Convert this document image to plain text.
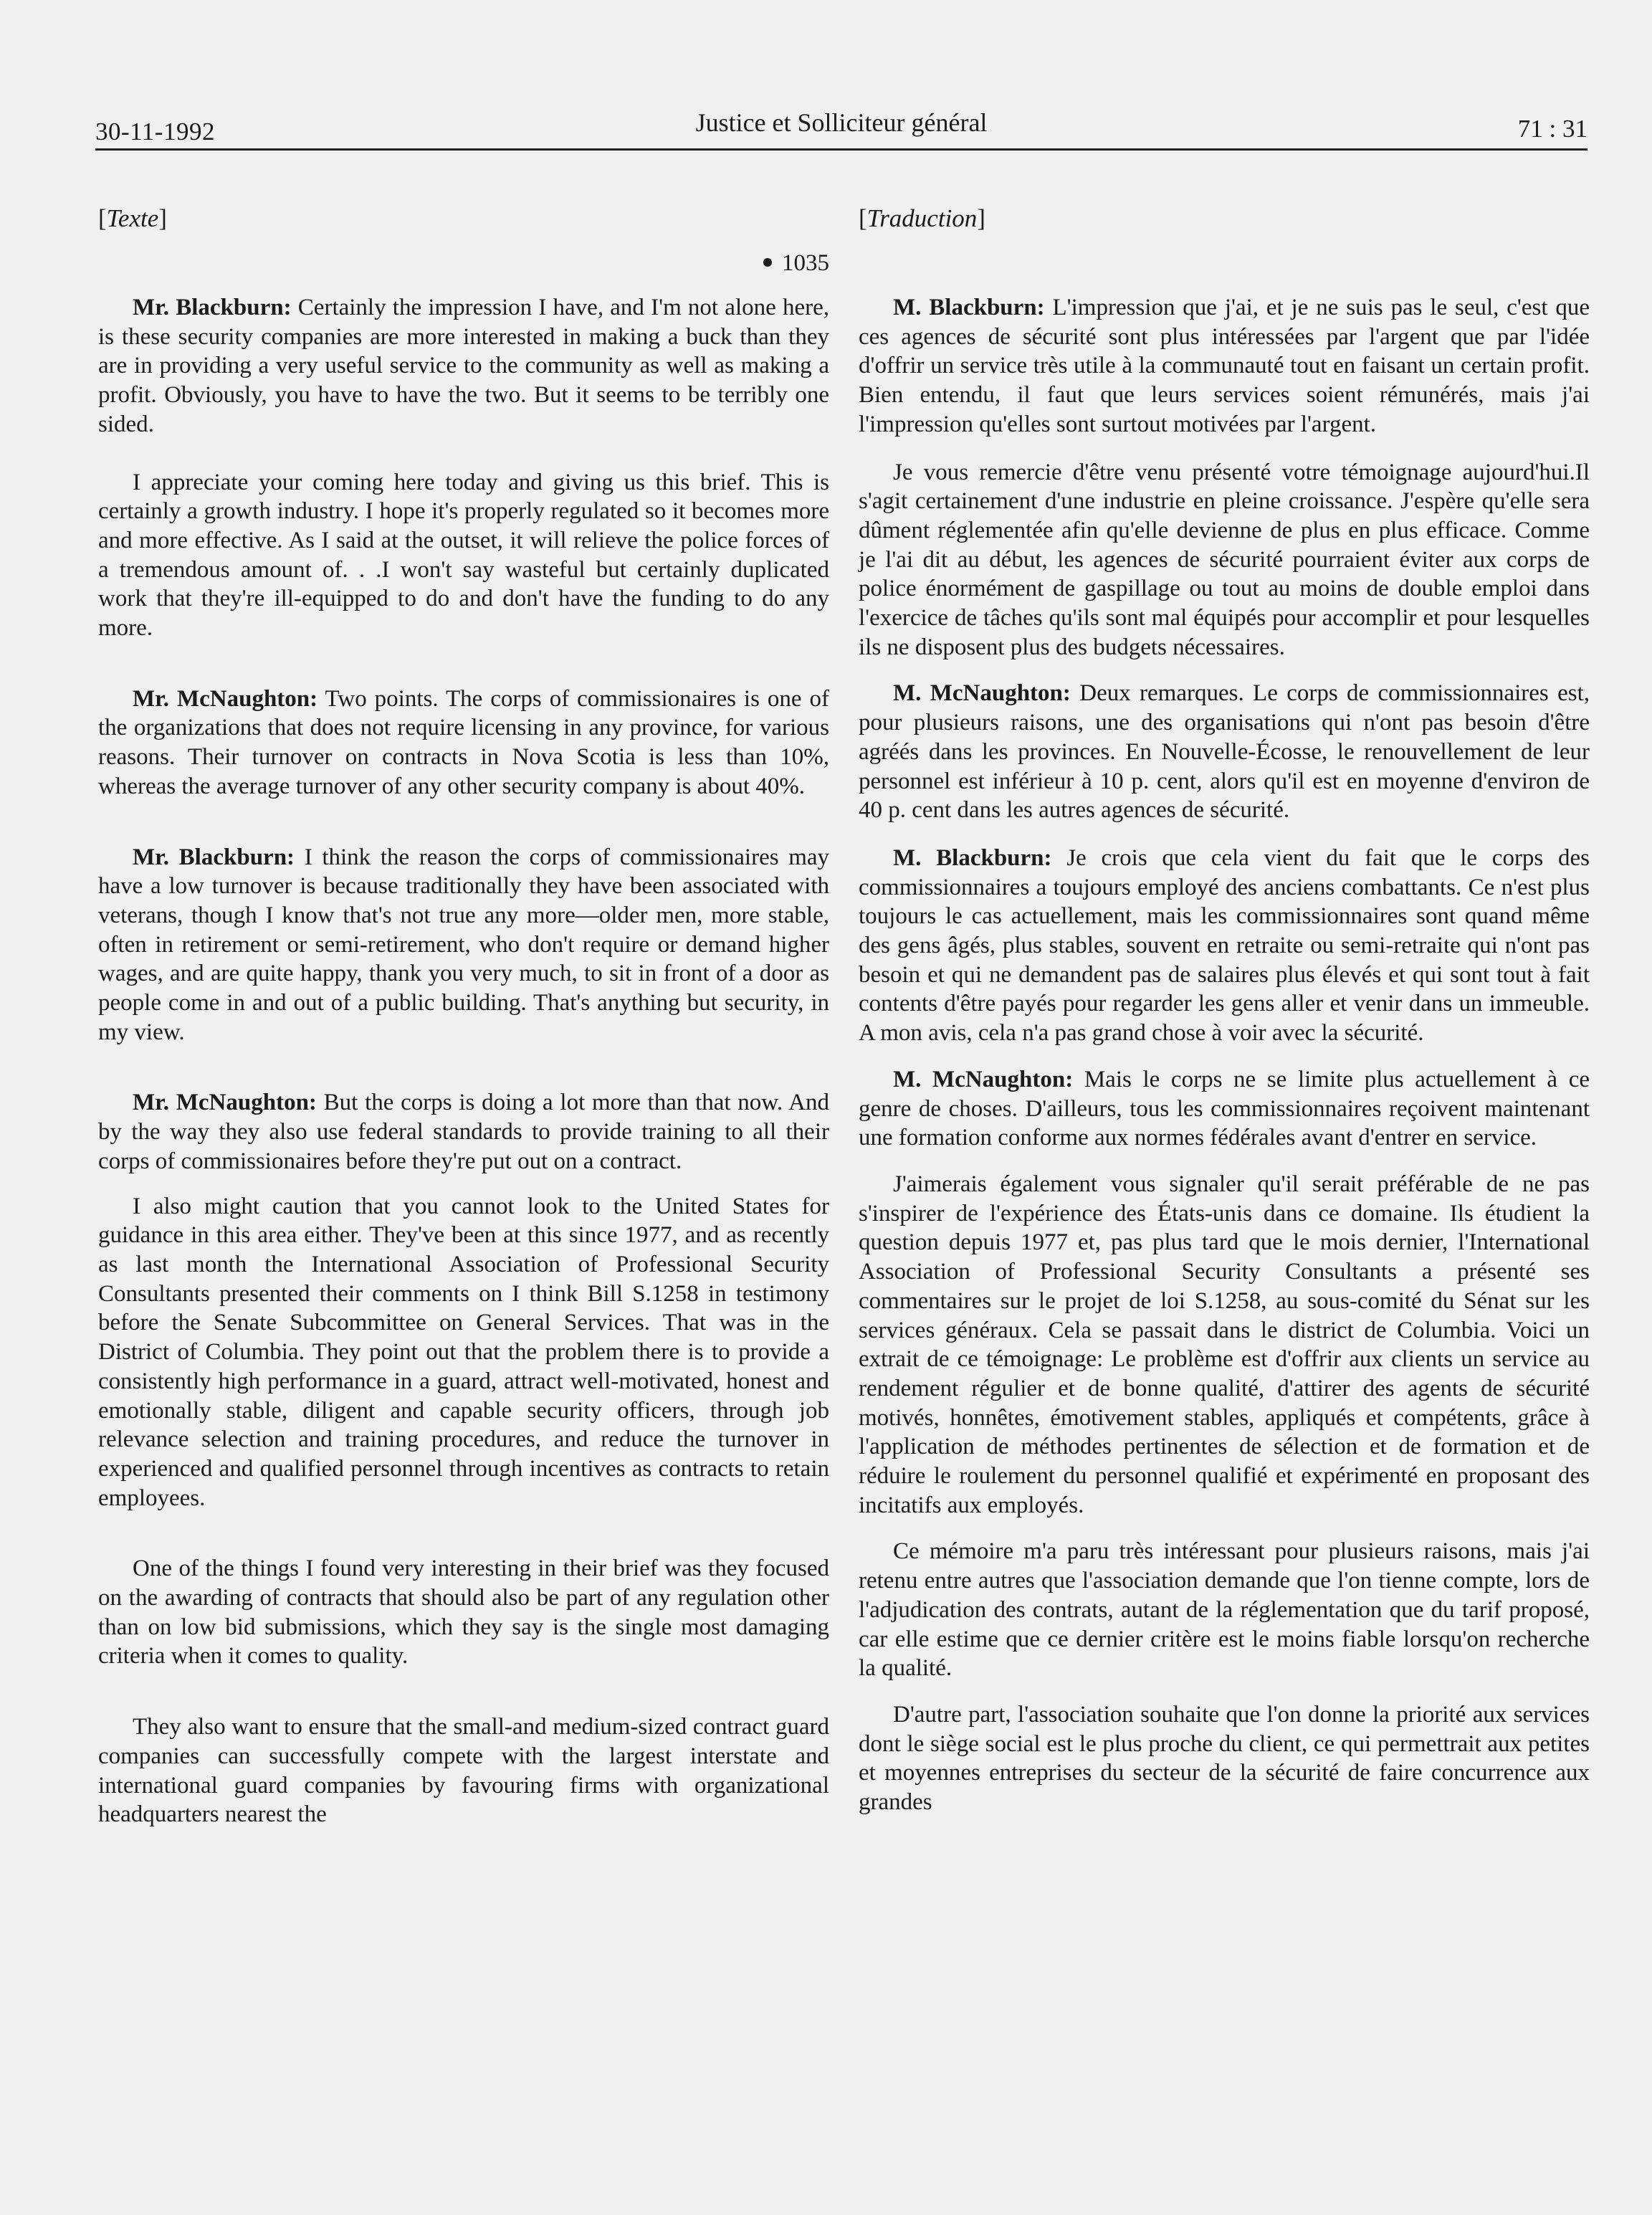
30-11-1992	Justice et Solliciteur général	71 : 31
[Texte]
1035

Mr. Blackburn: Certainly the impression I have, and I'm not alone here, is these security companies are more interested in making a buck than they are in providing a very useful service to the community as well as making a profit. Obviously, you have to have the two. But it seems to be terribly one sided.

I appreciate your coming here today and giving us this brief. This is certainly a growth industry. I hope it's properly regulated so it becomes more and more effective. As I said at the outset, it will relieve the police forces of a tremendous amount of. . .I won't say wasteful but certainly duplicated work that they're ill-equipped to do and don't have the funding to do any more.

Mr. McNaughton: Two points. The corps of commissionaires is one of the organizations that does not require licensing in any province, for various reasons. Their turnover on contracts in Nova Scotia is less than 10%, whereas the average turnover of any other security company is about 40%.

Mr. Blackburn: I think the reason the corps of commissionaires may have a low turnover is because traditionally they have been associated with veterans, though I know that's not true any more—older men, more stable, often in retirement or semi-retirement, who don't require or demand higher wages, and are quite happy, thank you very much, to sit in front of a door as people come in and out of a public building. That's anything but security, in my view.

Mr. McNaughton: But the corps is doing a lot more than that now. And by the way they also use federal standards to provide training to all their corps of commissionaires before they're put out on a contract.

I also might caution that you cannot look to the United States for guidance in this area either. They've been at this since 1977, and as recently as last month the International Association of Professional Security Consultants presented their comments on I think Bill S.1258 in testimony before the Senate Subcommittee on General Services. That was in the District of Columbia. They point out that the problem there is to provide a consistently high performance in a guard, attract well-motivated, honest and emotionally stable, diligent and capable security officers, through job relevance selection and training procedures, and reduce the turnover in experienced and qualified personnel through incentives as contracts to retain employees.

One of the things I found very interesting in their brief was they focused on the awarding of contracts that should also be part of any regulation other than on low bid submissions, which they say is the single most damaging criteria when it comes to quality.

They also want to ensure that the small-and medium-sized contract guard companies can successfully compete with the largest interstate and international guard companies by favouring firms with organizational headquarters nearest the

[Traduction]

M. Blackburn: L'impression que j'ai, et je ne suis pas le seul, c'est que ces agences de sécurité sont plus intéressées par l'argent que par l'idée d'offrir un service très utile à la communauté tout en faisant un certain profit. Bien entendu, il faut que leurs services soient rémunérés, mais j'ai l'impression qu'elles sont surtout motivées par l'argent.

Je vous remercie d'être venu présenté votre témoignage aujourd'hui.Il s'agit certainement d'une industrie en pleine croissance. J'espère qu'elle sera dûment réglementée afin qu'elle devienne de plus en plus efficace. Comme je l'ai dit au début, les agences de sécurité pourraient éviter aux corps de police énormément de gaspillage ou tout au moins de double emploi dans l'exercice de tâches qu'ils sont mal équipés pour accomplir et pour lesquelles ils ne disposent plus des budgets nécessaires.

M. McNaughton: Deux remarques. Le corps de commissionnaires est, pour plusieurs raisons, une des organisations qui n'ont pas besoin d'être agréés dans les provinces. En Nouvelle-Écosse, le renouvellement de leur personnel est inférieur à 10 p. cent, alors qu'il est en moyenne d'environ de 40 p. cent dans les autres agences de sécurité.

M. Blackburn: Je crois que cela vient du fait que le corps des commissionnaires a toujours employé des anciens combattants. Ce n'est plus toujours le cas actuellement, mais les commissionnaires sont quand même des gens âgés, plus stables, souvent en retraite ou semi-retraite qui n'ont pas besoin et qui ne demandent pas de salaires plus élevés et qui sont tout à fait contents d'être payés pour regarder les gens aller et venir dans un immeuble. A mon avis, cela n'a pas grand chose à voir avec la sécurité.

M. McNaughton: Mais le corps ne se limite plus actuellement à ce genre de choses. D'ailleurs, tous les commissionnaires reçoivent maintenant une formation conforme aux normes fédérales avant d'entrer en service.

J'aimerais également vous signaler qu'il serait préférable de ne pas s'inspirer de l'expérience des États-unis dans ce domaine. Ils étudient la question depuis 1977 et, pas plus tard que le mois dernier, l'International Association of Professional Security Consultants a présenté ses commentaires sur le projet de loi S.1258, au sous-comité du Sénat sur les services généraux. Cela se passait dans le district de Columbia. Voici un extrait de ce témoignage: Le problème est d'offrir aux clients un service au rendement régulier et de bonne qualité, d'attirer des agents de sécurité motivés, honnêtes, émotivement stables, appliqués et compétents, grâce à l'application de méthodes pertinentes de sélection et de formation et de réduire le roulement du personnel qualifié et expérimenté en proposant des incitatifs aux employés.

Ce mémoire m'a paru très intéressant pour plusieurs raisons, mais j'ai retenu entre autres que l'association demande que l'on tienne compte, lors de l'adjudication des contrats, autant de la réglementation que du tarif proposé, car elle estime que ce dernier critère est le moins fiable lorsqu'on recherche la qualité.

D'autre part, l'association souhaite que l'on donne la priorité aux services dont le siège social est le plus proche du client, ce qui permettrait aux petites et moyennes entreprises du secteur de la sécurité de faire concurrence aux grandes
